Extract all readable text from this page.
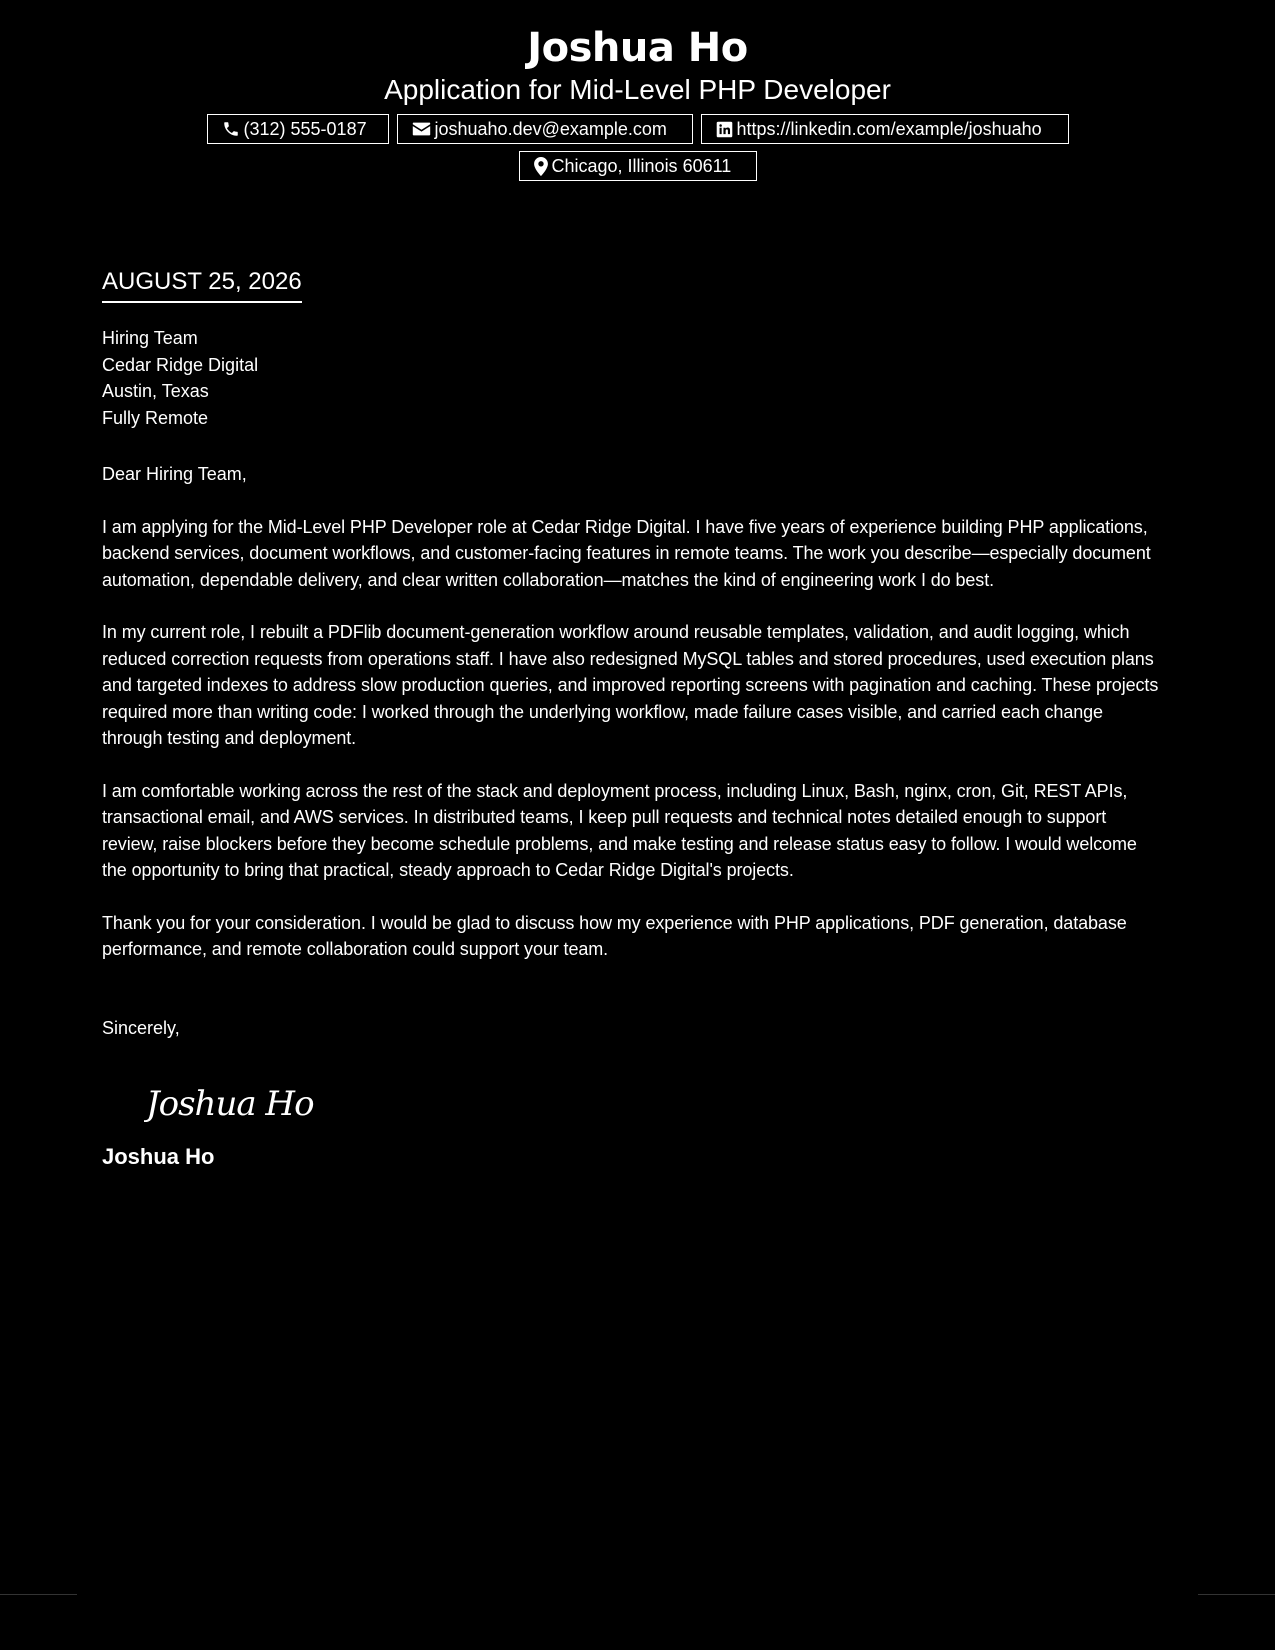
Joshua Ho
Application for Mid-Level PHP Developer
(312) 555-0187	joshuaho.dev@example.com	https://linkedin.com/example/joshuaho
Chicago, Illinois 60611
AUGUST 25, 2026
Hiring Team
Cedar Ridge Digital
Austin, Texas
Fully Remote
Dear Hiring Team,
I am applying for the Mid-Level PHP Developer role at Cedar Ridge Digital. I have five years of experience building PHP applications, backend services, document workflows, and customer-facing features in remote teams. The work you describe—especially document automation, dependable delivery, and clear written collaboration—matches the kind of engineering work I do best.
In my current role, I rebuilt a PDFlib document-generation workflow around reusable templates, validation, and audit logging, which reduced correction requests from operations staff. I have also redesigned MySQL tables and stored procedures, used execution plans and targeted indexes to address slow production queries, and improved reporting screens with pagination and caching. These projects required more than writing code: I worked through the underlying workflow, made failure cases visible, and carried each change through testing and deployment.
I am comfortable working across the rest of the stack and deployment process, including Linux, Bash, nginx, cron, Git, REST APIs, transactional email, and AWS services. In distributed teams, I keep pull requests and technical notes detailed enough to support review, raise blockers before they become schedule problems, and make testing and release status easy to follow. I would welcome the opportunity to bring that practical, steady approach to Cedar Ridge Digital's projects.
Thank you for your consideration. I would be glad to discuss how my experience with PHP applications, PDF generation, database performance, and remote collaboration could support your team.
Sincerely,
Joshua Ho
Joshua Ho
